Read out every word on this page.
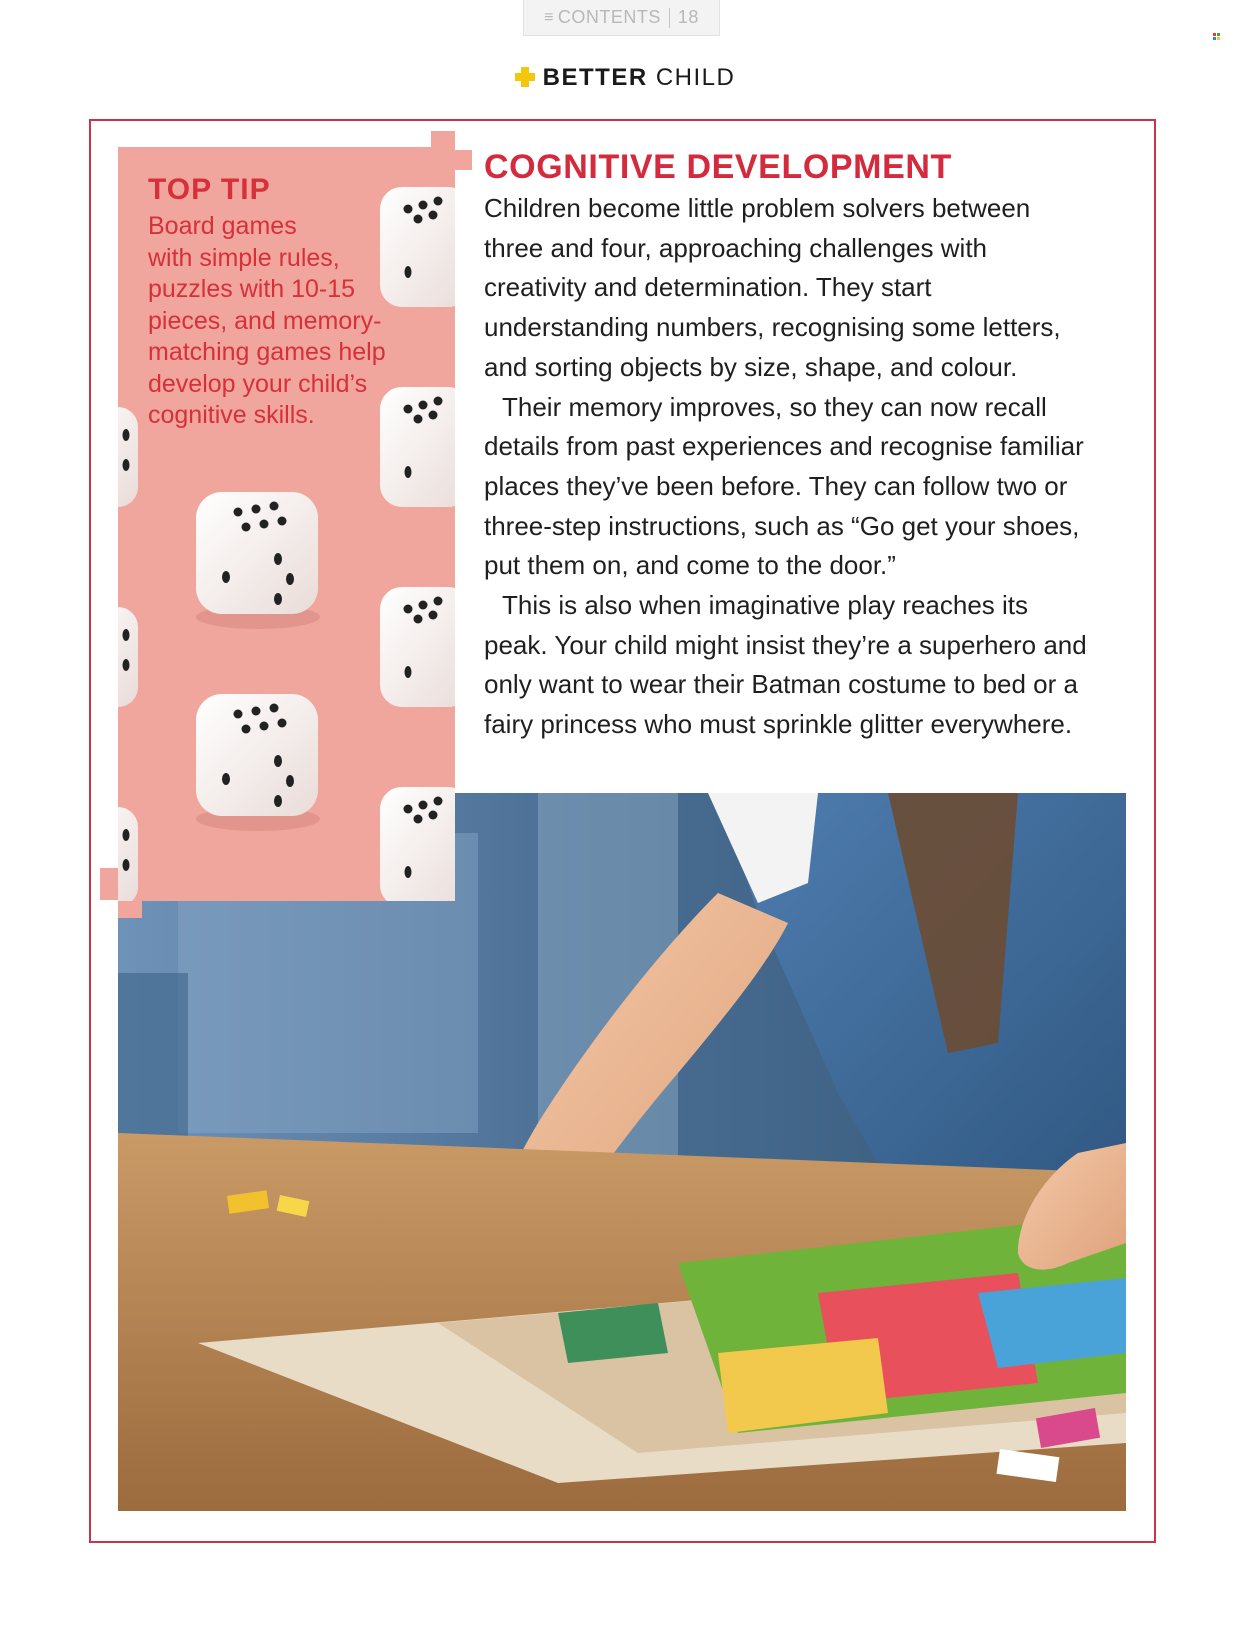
≡ CONTENTS 18
BETTER CHILD
TOP TIP

Board games
with simple rules,
puzzles with 10-15
pieces, and memory-
matching games help
develop your child’s
cognitive skills.

COGNITIVE DEVELOPMENT

Children become little problem solvers between
three and four, approaching challenges with
creativity and determination. They start
understanding numbers, recognising some letters,
and sorting objects by size, shape, and colour.

Their memory improves, so they can now recall
details from past experiences and recognise familiar
places they’ve been before. They can follow two or
three-step instructions, such as “Go get your shoes,
put them on, and come to the door.”

This is also when imaginative play reaches its
peak. Your child might insist they’re a superhero and
only want to wear their Batman costume to bed or a
fairy princess who must sprinkle glitter everywhere.
